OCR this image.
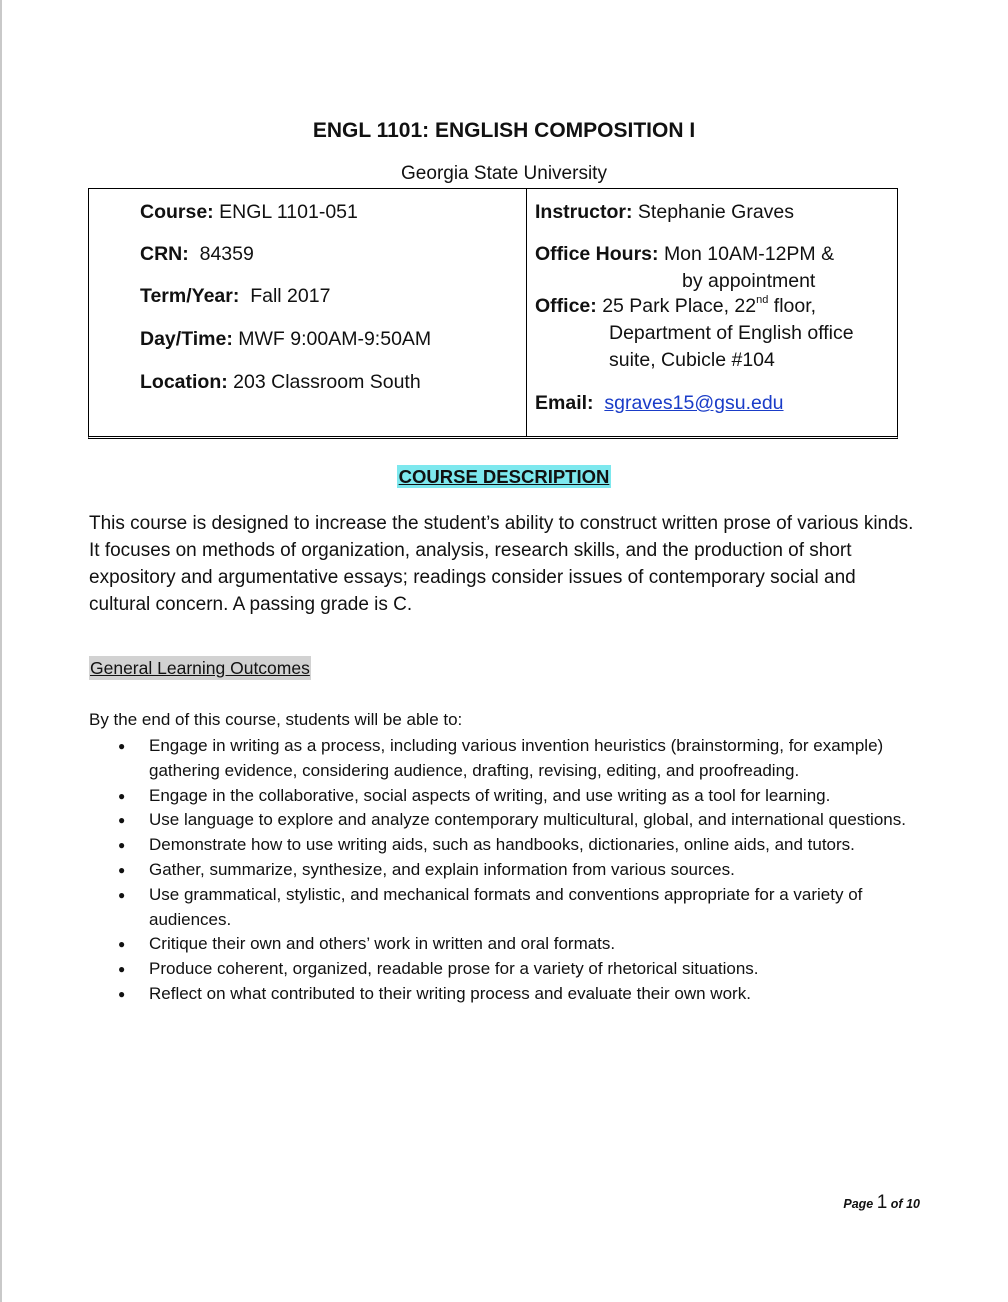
ENGL 1101: ENGLISH COMPOSITION I
Georgia State University
Course: ENGL 1101-051
CRN: 84359
Term/Year: Fall 2017
Day/Time: MWF 9:00AM-9:50AM
Location: 203 Classroom South
Instructor: Stephanie Graves
Office Hours: Mon 10AM-12PM &
by appointment
Office: 25 Park Place, 22nd floor,
Department of English office
suite, Cubicle #104
Email: sgraves15@gsu.edu
COURSE DESCRIPTION
This course is designed to increase the student’s ability to construct written prose of various kinds. It focuses on methods of organization, analysis, research skills, and the production of short expository and argumentative essays; readings consider issues of contemporary social and cultural concern. A passing grade is C.
General Learning Outcomes
By the end of this course, students will be able to:
● Engage in writing as a process, including various invention heuristics (brainstorming, for example) gathering evidence, considering audience, drafting, revising, editing, and proofreading.
● Engage in the collaborative, social aspects of writing, and use writing as a tool for learning.
● Use language to explore and analyze contemporary multicultural, global, and international questions.
● Demonstrate how to use writing aids, such as handbooks, dictionaries, online aids, and tutors.
● Gather, summarize, synthesize, and explain information from various sources.
● Use grammatical, stylistic, and mechanical formats and conventions appropriate for a variety of audiences.
● Critique their own and others’ work in written and oral formats.
● Produce coherent, organized, readable prose for a variety of rhetorical situations.
● Reflect on what contributed to their writing process and evaluate their own work.
Page 1 of 10
